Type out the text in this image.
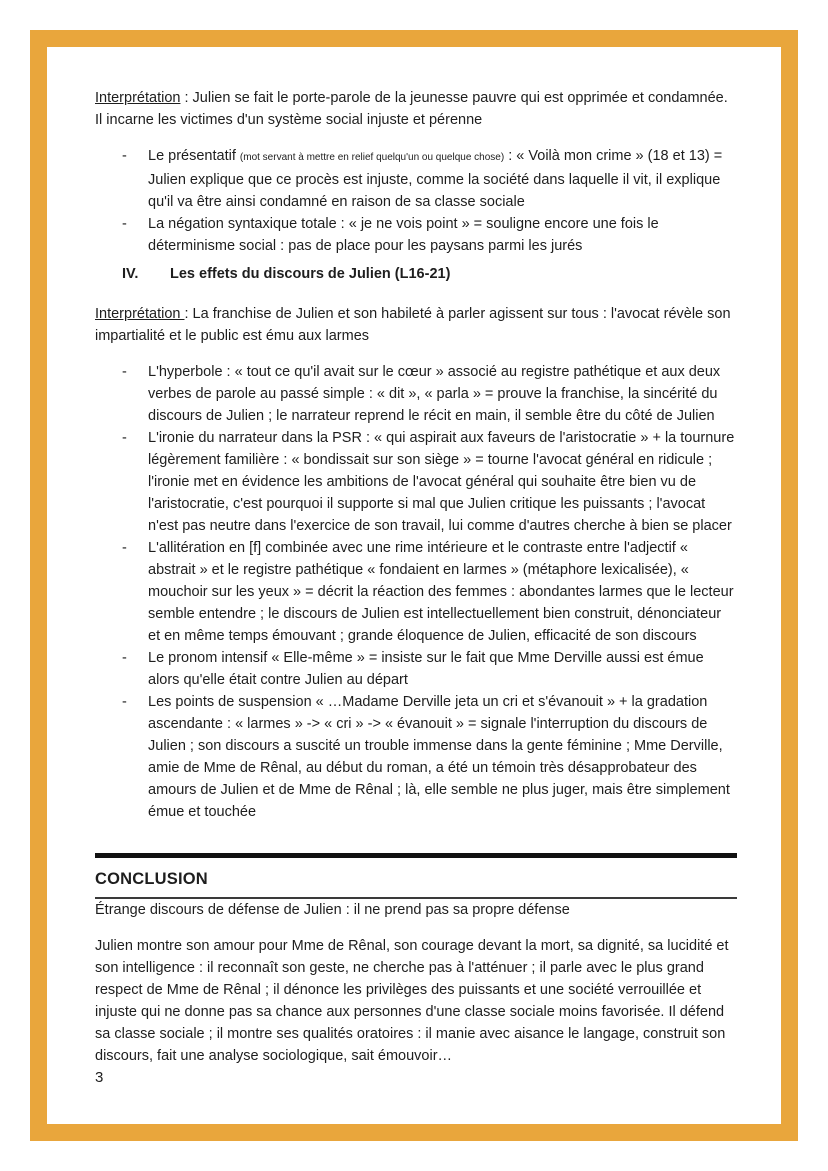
Interprétation : Julien se fait le porte-parole de la jeunesse pauvre qui est opprimée et condamnée. Il incarne les victimes d'un système social injuste et pérenne

- Le présentatif (mot servant à mettre en relief quelqu'un ou quelque chose) : « Voilà mon crime » (18 et 13) = Julien explique que ce procès est injuste, comme la société dans laquelle il vit, il explique qu'il va être ainsi condamné en raison de sa classe sociale
- La négation syntaxique totale : « je ne vois point » = souligne encore une fois le déterminisme social : pas de place pour les paysans parmi les jurés
IV.	Les effets du discours de Julien (L16-21)

Interprétation : La franchise de Julien et son habileté à parler agissent sur tous : l'avocat révèle son impartialité et le public est ému aux larmes

- L'hyperbole : « tout ce qu'il avait sur le cœur » associé au registre pathétique et aux deux verbes de parole au passé simple : « dit », « parla » = prouve la franchise, la sincérité du discours de Julien ; le narrateur reprend le récit en main, il semble être du côté de Julien
- L'ironie du narrateur dans la PSR : « qui aspirait aux faveurs de l'aristocratie » + la tournure légèrement familière : « bondissait sur son siège » = tourne l'avocat général en ridicule ; l'ironie met en évidence les ambitions de l'avocat général qui souhaite être bien vu de l'aristocratie, c'est pourquoi il supporte si mal que Julien critique les puissants ; l'avocat n'est pas neutre dans l'exercice de son travail, lui comme d'autres cherche à bien se placer
- L'allitération en [f] combinée avec une rime intérieure et le contraste entre l'adjectif « abstrait » et le registre pathétique « fondaient en larmes » (métaphore lexicalisée), « mouchoir sur les yeux » = décrit la réaction des femmes : abondantes larmes que le lecteur semble entendre ; le discours de Julien est intellectuellement bien construit, dénonciateur et en même temps émouvant ; grande éloquence de Julien, efficacité de son discours
- Le pronom intensif « Elle-même » = insiste sur le fait que Mme Derville aussi est émue alors qu'elle était contre Julien au départ
- Les points de suspension « …Madame Derville jeta un cri et s'évanouit » + la gradation ascendante : « larmes » -> « cri » -> « évanouit » = signale l'interruption du discours de Julien ; son discours a suscité un trouble immense dans la gente féminine ; Mme Derville, amie de Mme de Rênal, au début du roman, a été un témoin très désapprobateur des amours de Julien et de Mme de Rênal ; là, elle semble ne plus juger, mais être simplement émue et touchée
CONCLUSION

Étrange discours de défense de Julien : il ne prend pas sa propre défense

Julien montre son amour pour Mme de Rênal, son courage devant la mort, sa dignité, sa lucidité et son intelligence : il reconnaît son geste, ne cherche pas à l'atténuer ; il parle avec le plus grand respect de Mme de Rênal ; il dénonce les privilèges des puissants et une société verrouillée et injuste qui ne donne pas sa chance aux personnes d'une classe sociale moins favorisée. Il défend sa classe sociale ; il montre ses qualités oratoires : il manie avec aisance le langage, construit son discours, fait une analyse sociologique, sait émouvoir…

3
